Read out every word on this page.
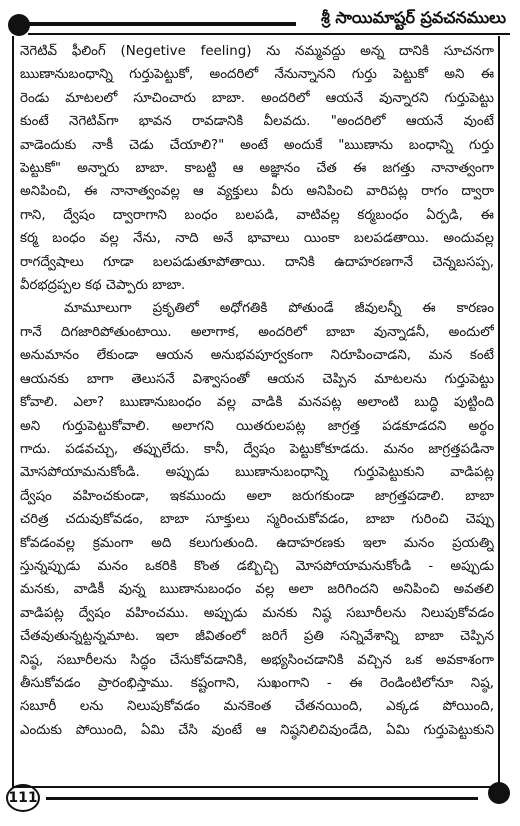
శ్రీ సాయిమాష్టర్ ప్రవచనములు

నెగెటివ్ ఫీలింగ్ (Negetive feeling) ను నమ్మవద్దు అన్న దానికి సూచనగా
ఋణానుబంధాన్ని గుర్తుపెట్టుకో, అందరిలో నేనున్నానని గుర్తు పెట్టుకో అని ఈ
రెండు మాటలలో సూచించారు బాబా. అందరిలో ఆయనే వున్నారని గుర్తుపెట్టు
కుంటే నెగెటివ్‌గా భావన రావడానికి వీలవదు. "అందరిలో ఆయనే వుంటే
వాడెందుకు నాకీ చెడు చేయాలి?" అంటే అందుకే "ఋణాను బంధాన్ని గుర్తు
పెట్టుకో" అన్నారు బాబా. కాబట్టి ఆ అజ్ఞానం చేత ఈ జగత్తు నానాత్వంగా
అనిపించి, ఈ నానాత్వంవల్ల ఆ వ్యక్తులు వీరు అనిపించి వారిపట్ల రాగం ద్వారా
గాని, ద్వేషం ద్వారాగాని బంధం బలపడి, వాటివల్ల కర్మబంధం ఏర్పడి, ఈ
కర్మ బంధం వల్ల నేను, నాది అనే భావాలు యింకా బలపడతాయి. అందువల్ల
రాగద్వేషాలు గూడా బలపడుతూపోతాయి. దానికి ఉదాహరణగానే చెన్నబసప్ప,
వీరభద్రప్పల కథ చెప్పారు బాబా.

మామూలుగా ప్రకృతిలో అధోగతికి పోతుండే జీవులన్నీ ఈ కారణం
గానే దిగజారిపోతుంటాయి. అలాగాక, అందరిలో బాబా వున్నాడనీ, అందులో
అనుమానం లేకుండా ఆయన అనుభవపూర్వకంగా నిరూపించాడని, మన కంటే
ఆయనకు బాగా తెలుసనే విశ్వాసంతో ఆయన చెప్పిన మాటలను గుర్తుపెట్టు
కోవాలి. ఎలా? ఋణానుబంధం వల్ల వాడికి మనపట్ల అలాంటి బుద్ధి పుట్టింది
అని గుర్తుపెట్టుకోవాలి. అలాగని యితరులపట్ల జాగ్రత్త పడకూడదని అర్థం
గాదు. పడవచ్చు, తప్పులేదు. కానీ, ద్వేషం పెట్టుకోకూడదు. మనం జాగ్రత్తపడినా
మోసపోయామనుకోండి. అప్పుడు ఋణానుబంధాన్ని గుర్తుపెట్టుకుని వాడిపట్ల
ద్వేషం వహించకుండా, ఇకముందు అలా జరుగకుండా జాగ్రత్తపడాలి. బాబా
చరిత్ర చదువుకోవడం, బాబా సూక్తులు స్మరించుకోవడం, బాబా గురించి చెప్పు
కోవడంవల్ల క్రమంగా అది కలుగుతుంది. ఉదాహరణకు ఇలా మనం ప్రయత్ని
స్తున్నప్పుడు మనం ఒకరికి కొంత డబ్బిచ్చి మోసపోయామనుకోండి - అప్పుడు
మనకు, వాడికీ వున్న ఋణానుబంధం వల్ల అలా జరిగిందని అనిపించి అవతలి
వాడిపట్ల ద్వేషం వహించము. అప్పుడు మనకు నిష్ఠ సబూరీలను నిలుపుకోవడం
చేతవుతున్నట్టన్నమాట. ఇలా జీవితంలో జరిగే ప్రతి సన్నివేశాన్ని బాబా చెప్పిన
నిష్ఠ, సబూరీలను సిద్ధం చేసుకోవడానికి, అభ్యసించడానికి వచ్చిన ఒక అవకాశంగా
తీసుకోవడం ప్రారంభిస్తాము. కష్టంగాని, సుఖంగాని - ఈ రెండింటిలోనూ నిష్ఠ,
సబూరీ లను నిలుపుకోవడం మనకెంత చేతనయింది, ఎక్కడ పోయింది,
ఎందుకు పోయింది, ఏమి చేసి వుంటే ఆ నిష్ఠనిలిచివుండేది, ఏమి గుర్తుపెట్టుకుని

111
